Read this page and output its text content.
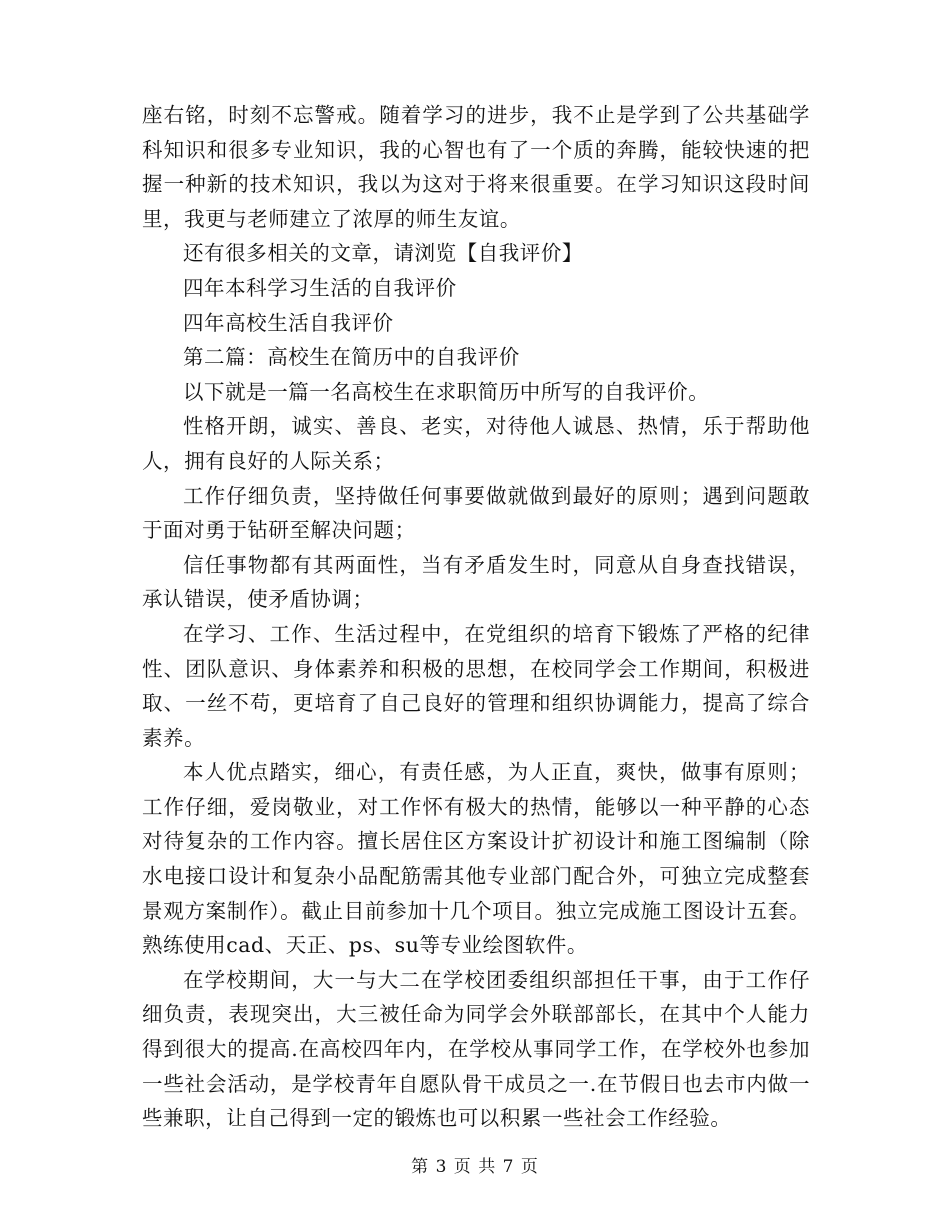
座右铭，时刻不忘警戒。随着学习的进步，我不止是学到了公共基础学科知识和很多专业知识，我的心智也有了一个质的奔腾，能较快速的把握一种新的技术知识，我以为这对于将来很重要。在学习知识这段时间里，我更与老师建立了浓厚的师生友谊。

还有很多相关的文章，请浏览【自我评价】

四年本科学习生活的自我评价

四年高校生活自我评价

第二篇：高校生在简历中的自我评价

以下就是一篇一名高校生在求职简历中所写的自我评价。

性格开朗，诚实、善良、老实，对待他人诚恳、热情，乐于帮助他人，拥有良好的人际关系；

工作仔细负责，坚持做任何事要做就做到最好的原则；遇到问题敢于面对勇于钻研至解决问题；

信任事物都有其两面性，当有矛盾发生时，同意从自身查找错误，承认错误，使矛盾协调；

在学习、工作、生活过程中，在党组织的培育下锻炼了严格的纪律性、团队意识、身体素养和积极的思想，在校同学会工作期间，积极进取、一丝不苟，更培育了自己良好的管理和组织协调能力，提高了综合素养。

本人优点踏实，细心，有责任感，为人正直，爽快，做事有原则；工作仔细，爱岗敬业，对工作怀有极大的热情，能够以一种平静的心态对待复杂的工作内容。擅长居住区方案设计扩初设计和施工图编制（除水电接口设计和复杂小品配筋需其他专业部门配合外，可独立完成整套景观方案制作）。截止目前参加十几个项目。独立完成施工图设计五套。熟练使用cad、天正、ps、su等专业绘图软件。

在学校期间，大一与大二在学校团委组织部担任干事，由于工作仔细负责，表现突出，大三被任命为同学会外联部部长，在其中个人能力得到很大的提高.在高校四年内，在学校从事同学工作，在学校外也参加一些社会活动，是学校青年自愿队骨干成员之一.在节假日也去市内做一些兼职，让自己得到一定的锻炼也可以积累一些社会工作经验。

第 3 页 共 7 页
